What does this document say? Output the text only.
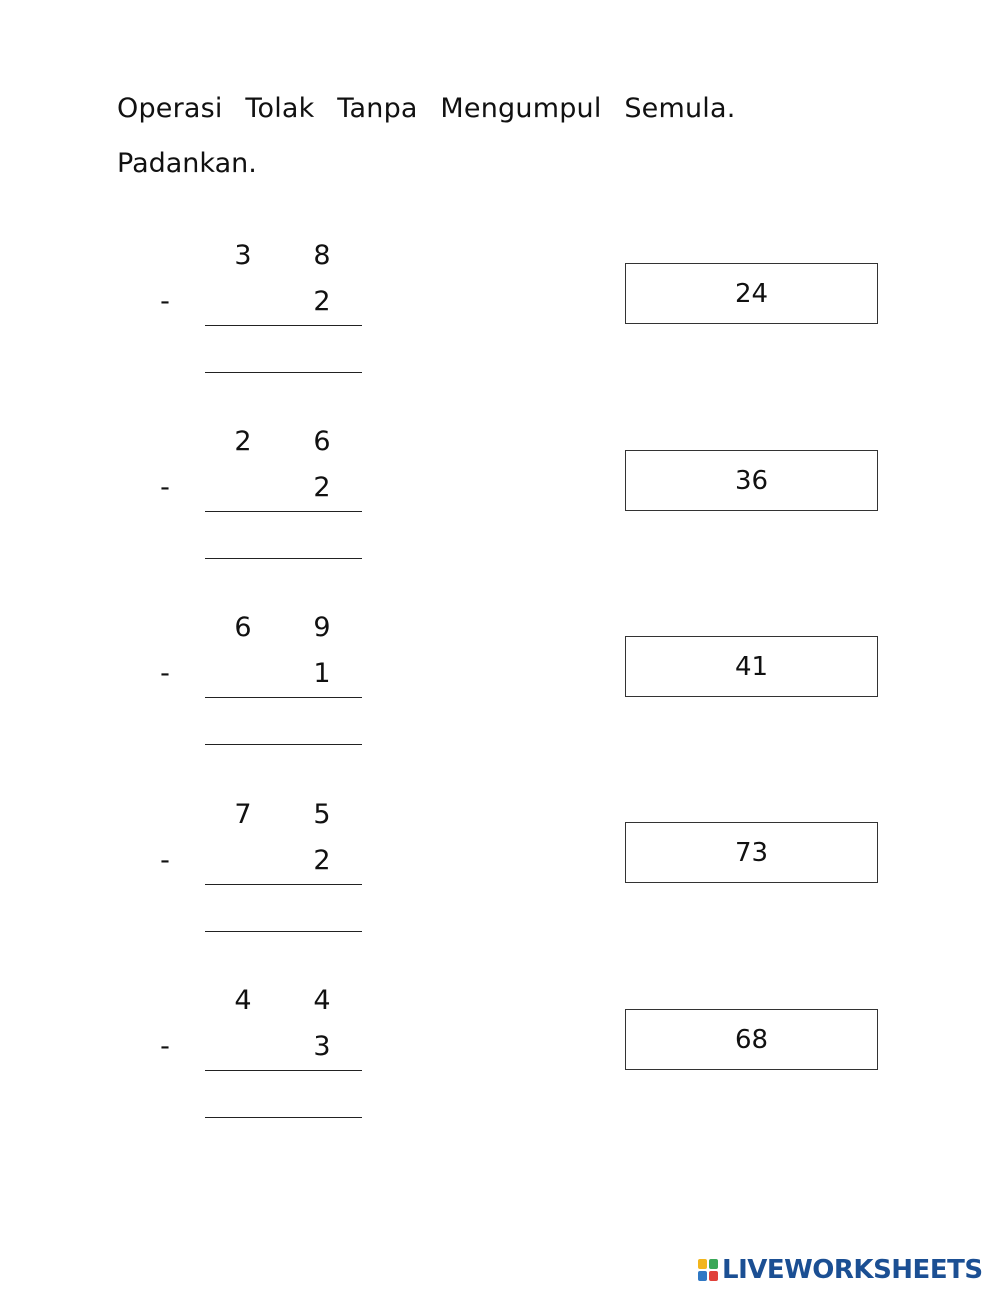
Operasi Tolak Tanpa Mengumpul Semula.
Padankan.
3 8
-	2
2 6
-	2
6 9
-	1
7 5
-	2
4 4
-	3
24
36
41
73
68
LIVEWORKSHEETS
